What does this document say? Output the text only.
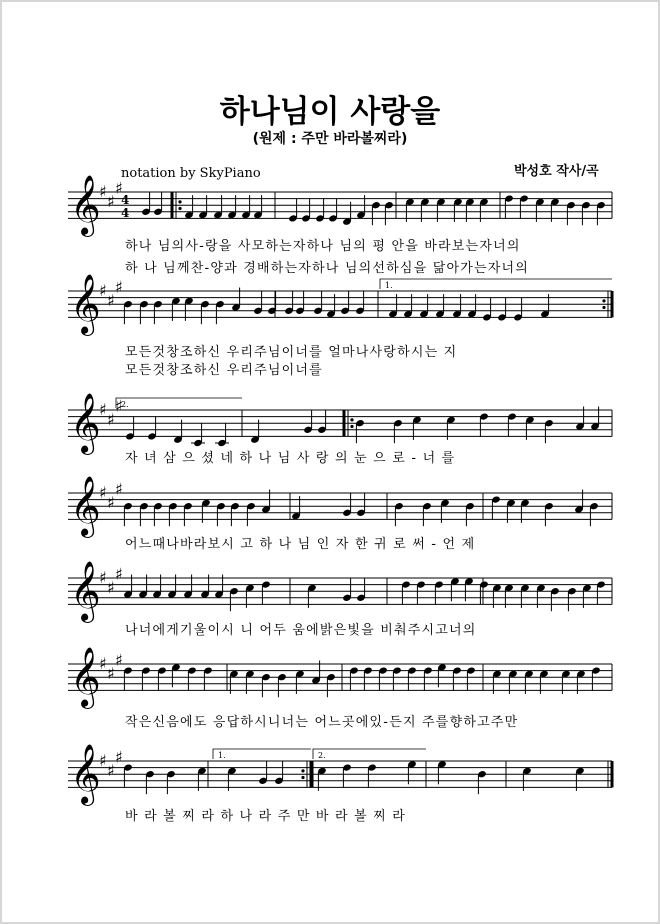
하나님이 사랑을
(원제 : 주만 바라볼찌라)
notation by SkyPiano	박성호 작사/곡
𝄞
♯
♯
♯
4
4
하나 님의사-랑을 사모하는자하나 님의 평 안을 바라보는자너의
하 나 님께찬-양과 경배하는자하나 님의선하심을 닮아가는자너의
𝄞
♯
♯
♯	1.
모든것창조하신 우리주님이너를 얼마나사랑하시는 지
모든것창조하신 우리주님이너를
𝄞
♯
♯
♯
2.
자 녀 삼 으 셨 네 하 나 님 사 랑 의 눈 으 로 - 너 를
𝄞
♯
♯
♯
어느때나바라보시 고 하 나 님 인 자 한 귀 로 써 - 언 제
𝄞
♯
♯
♯
나너에게기울이시 니 어두 움에밝은빛을 비춰주시고너의
𝄞
♯
♯
♯
작은신음에도 응답하시니너는 어느곳에있-든지 주를향하고주만
𝄞
♯
♯
♯	1.	2.
바 라 볼 찌 라 하 나 라 주 만 바 라 볼 찌 라
